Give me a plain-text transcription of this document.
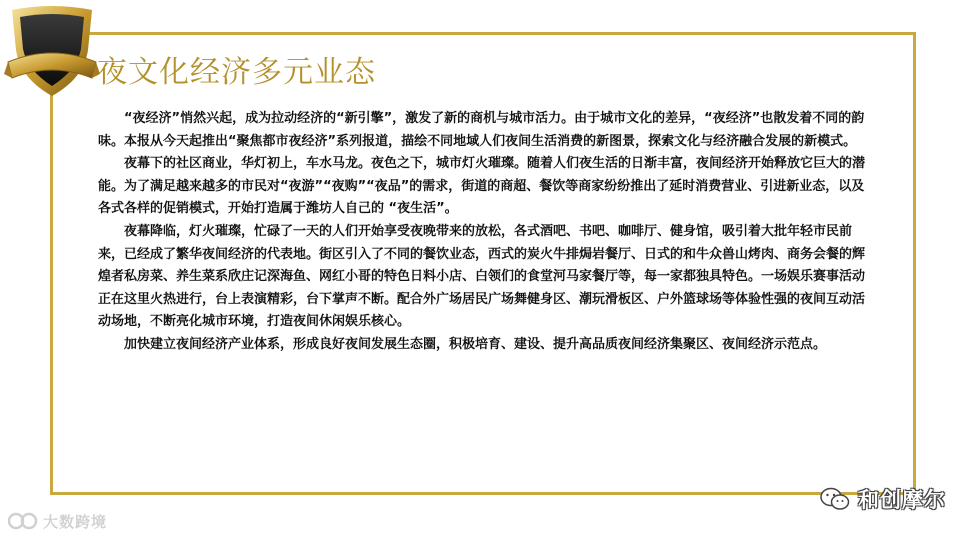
夜文化经济多元业态

“夜经济”悄然兴起，成为拉动经济的“新引擎”，激发了新的商机与城市活力。由于城市文化的差异，“夜经济”也散发着不同的韵味。本报从今天起推出“聚焦都市夜经济”系列报道，描绘不同地域人们夜间生活消费的新图景，探索文化与经济融合发展的新模式。

夜幕下的社区商业，华灯初上，车水马龙。夜色之下，城市灯火璀璨。随着人们夜生活的日渐丰富，夜间经济开始释放它巨大的潜能。为了满足越来越多的市民对“夜游”“夜购”“夜品”的需求，街道的商超、餐饮等商家纷纷推出了延时消费营业、引进新业态，以及各式各样的促销模式，开始打造属于潍坊人自己的 “夜生活”。

夜幕降临，灯火璀璨，忙碌了一天的人们开始享受夜晚带来的放松，各式酒吧、书吧、咖啡厅、健身馆，吸引着大批年轻市民前来，已经成了繁华夜间经济的代表地。街区引入了不同的餐饮业态，西式的炭火牛排焗岩餐厅、日式的和牛众兽山烤肉、商务会餐的辉煌者私房菜、养生菜系欣庄记深海鱼、网红小哥的特色日料小店、白领们的食堂河马家餐厅等，每一家都独具特色。一场娱乐赛事活动正在这里火热进行，台上表演精彩，台下掌声不断。配合外广场居民广场舞健身区、潮玩滑板区、户外篮球场等体验性强的夜间互动活动场地，不断亮化城市环境，打造夜间休闲娱乐核心。

加快建立夜间经济产业体系，形成良好夜间发展生态圈，积极培育、建设、提升高品质夜间经济集聚区、夜间经济示范点。

大数跨境
和创摩尔
